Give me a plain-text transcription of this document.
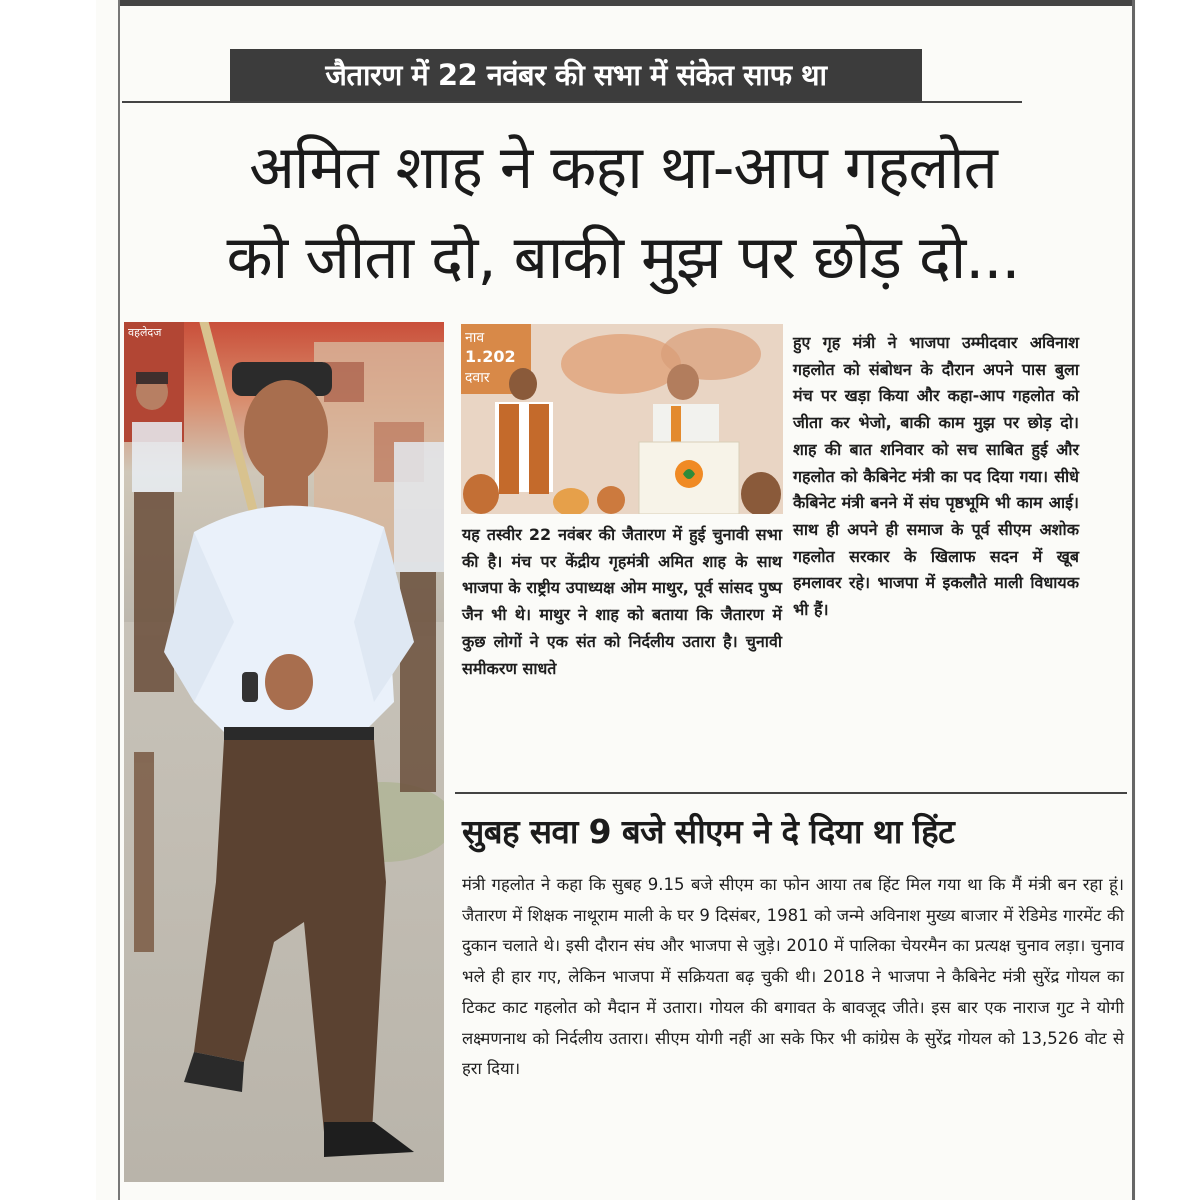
जैतारण में 22 नवंबर की सभा में संकेत साफ था
अमित शाह ने कहा था-आप गहलोत
को जीता दो, बाकी मुझ पर छोड़ दो...
वहलेदज	नाव
1.202
दवार

यह तस्वीर 22 नवंबर की जैतारण में हुई चुनावी सभा की है। मंच पर केंद्रीय गृहमंत्री अमित शाह के साथ भाजपा के राष्ट्रीय उपाध्यक्ष ओम माथुर, पूर्व सांसद पुष्प जैन भी थे। माथुर ने शाह को बताया कि जैतारण में कुछ लोगों ने एक संत को निर्दलीय उतारा है। चुनावी समीकरण साधते

हुए गृह मंत्री ने भाजपा उम्मीदवार अविनाश गहलोत को संबोधन के दौरान अपने पास बुला मंच पर खड़ा किया और कहा-आप गहलोत को जीता कर भेजो, बाकी काम मुझ पर छोड़ दो। शाह की बात शनिवार को सच साबित हुई और गहलोत को कैबिनेट मंत्री का पद दिया गया। सीधे कैबिनेट मंत्री बनने में संघ पृष्ठभूमि भी काम आई। साथ ही अपने ही समाज के पूर्व सीएम अशोक गहलोत सरकार के खिलाफ सदन में खूब हमलावर रहे। भाजपा में इकलौते माली विधायक भी हैं।

सुबह सवा 9 बजे सीएम ने दे दिया था हिंट

मंत्री गहलोत ने कहा कि सुबह 9.15 बजे सीएम का फोन आया तब हिंट मिल गया था कि मैं मंत्री बन रहा हूं। जैतारण में शिक्षक नाथूराम माली के घर 9 दिसंबर, 1981 को जन्मे अविनाश मुख्य बाजार में रेडिमेड गारमेंट की दुकान चलाते थे। इसी दौरान संघ और भाजपा से जुड़े। 2010 में पालिका चेयरमैन का प्रत्यक्ष चुनाव लड़ा। चुनाव भले ही हार गए, लेकिन भाजपा में सक्रियता बढ़ चुकी थी। 2018 ने भाजपा ने कैबिनेट मंत्री सुरेंद्र गोयल का टिकट काट गहलोत को मैदान में उतारा। गोयल की बगावत के बावजूद जीते। इस बार एक नाराज गुट ने योगी लक्ष्मणनाथ को निर्दलीय उतारा। सीएम योगी नहीं आ सके फिर भी कांग्रेस के सुरेंद्र गोयल को 13,526 वोट से हरा दिया।
